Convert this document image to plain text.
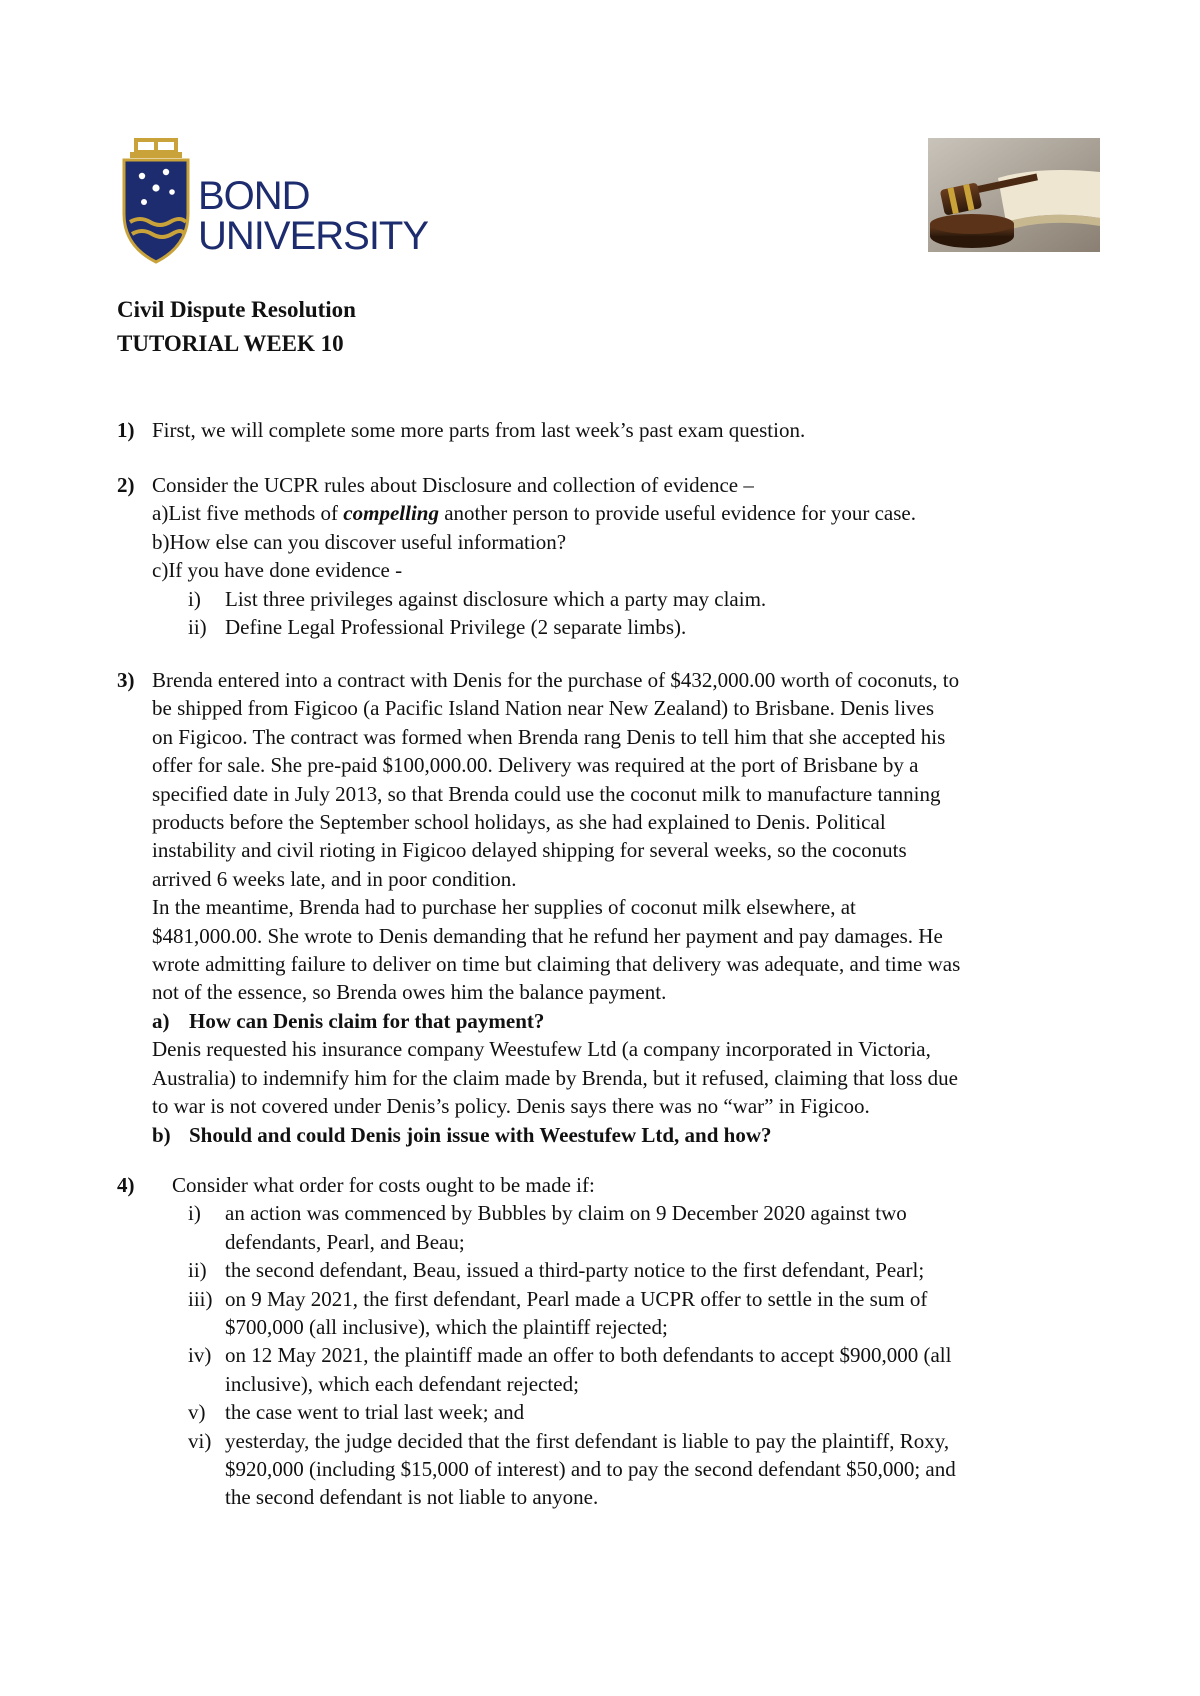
BOND
UNIVERSITY
Civil Dispute Resolution
TUTORIAL WEEK 10
1) First, we will complete some more parts from last week’s past exam question.
2) Consider the UCPR rules about Disclosure and collection of evidence –
a)List five methods of compelling another person to provide useful evidence for your case.
b)How else can you discover useful information?
c)If you have done evidence -
i) List three privileges against disclosure which a party may claim.
ii) Define Legal Professional Privilege (2 separate limbs).
3) Brenda entered into a contract with Denis for the purchase of $432,000.00 worth of coconuts, to
be shipped from Figicoo (a Pacific Island Nation near New Zealand) to Brisbane. Denis lives
on Figicoo. The contract was formed when Brenda rang Denis to tell him that she accepted his
offer for sale. She pre-paid $100,000.00. Delivery was required at the port of Brisbane by a
specified date in July 2013, so that Brenda could use the coconut milk to manufacture tanning
products before the September school holidays, as she had explained to Denis. Political
instability and civil rioting in Figicoo delayed shipping for several weeks, so the coconuts
arrived 6 weeks late, and in poor condition.
In the meantime, Brenda had to purchase her supplies of coconut milk elsewhere, at
$481,000.00. She wrote to Denis demanding that he refund her payment and pay damages. He
wrote admitting failure to deliver on time but claiming that delivery was adequate, and time was
not of the essence, so Brenda owes him the balance payment.
a) How can Denis claim for that payment?
Denis requested his insurance company Weestufew Ltd (a company incorporated in Victoria,
Australia) to indemnify him for the claim made by Brenda, but it refused, claiming that loss due
to war is not covered under Denis’s policy. Denis says there was no “war” in Figicoo.
b) Should and could Denis join issue with Weestufew Ltd, and how?
4)	Consider what order for costs ought to be made if:
i) an action was commenced by Bubbles by claim on 9 December 2020 against two
defendants, Pearl, and Beau;
ii) the second defendant, Beau, issued a third-party notice to the first defendant, Pearl;
iii) on 9 May 2021, the first defendant, Pearl made a UCPR offer to settle in the sum of
$700,000 (all inclusive), which the plaintiff rejected;
iv) on 12 May 2021, the plaintiff made an offer to both defendants to accept $900,000 (all
inclusive), which each defendant rejected;
v) the case went to trial last week; and
vi) yesterday, the judge decided that the first defendant is liable to pay the plaintiff, Roxy,
$920,000 (including $15,000 of interest) and to pay the second defendant $50,000; and
the second defendant is not liable to anyone.
